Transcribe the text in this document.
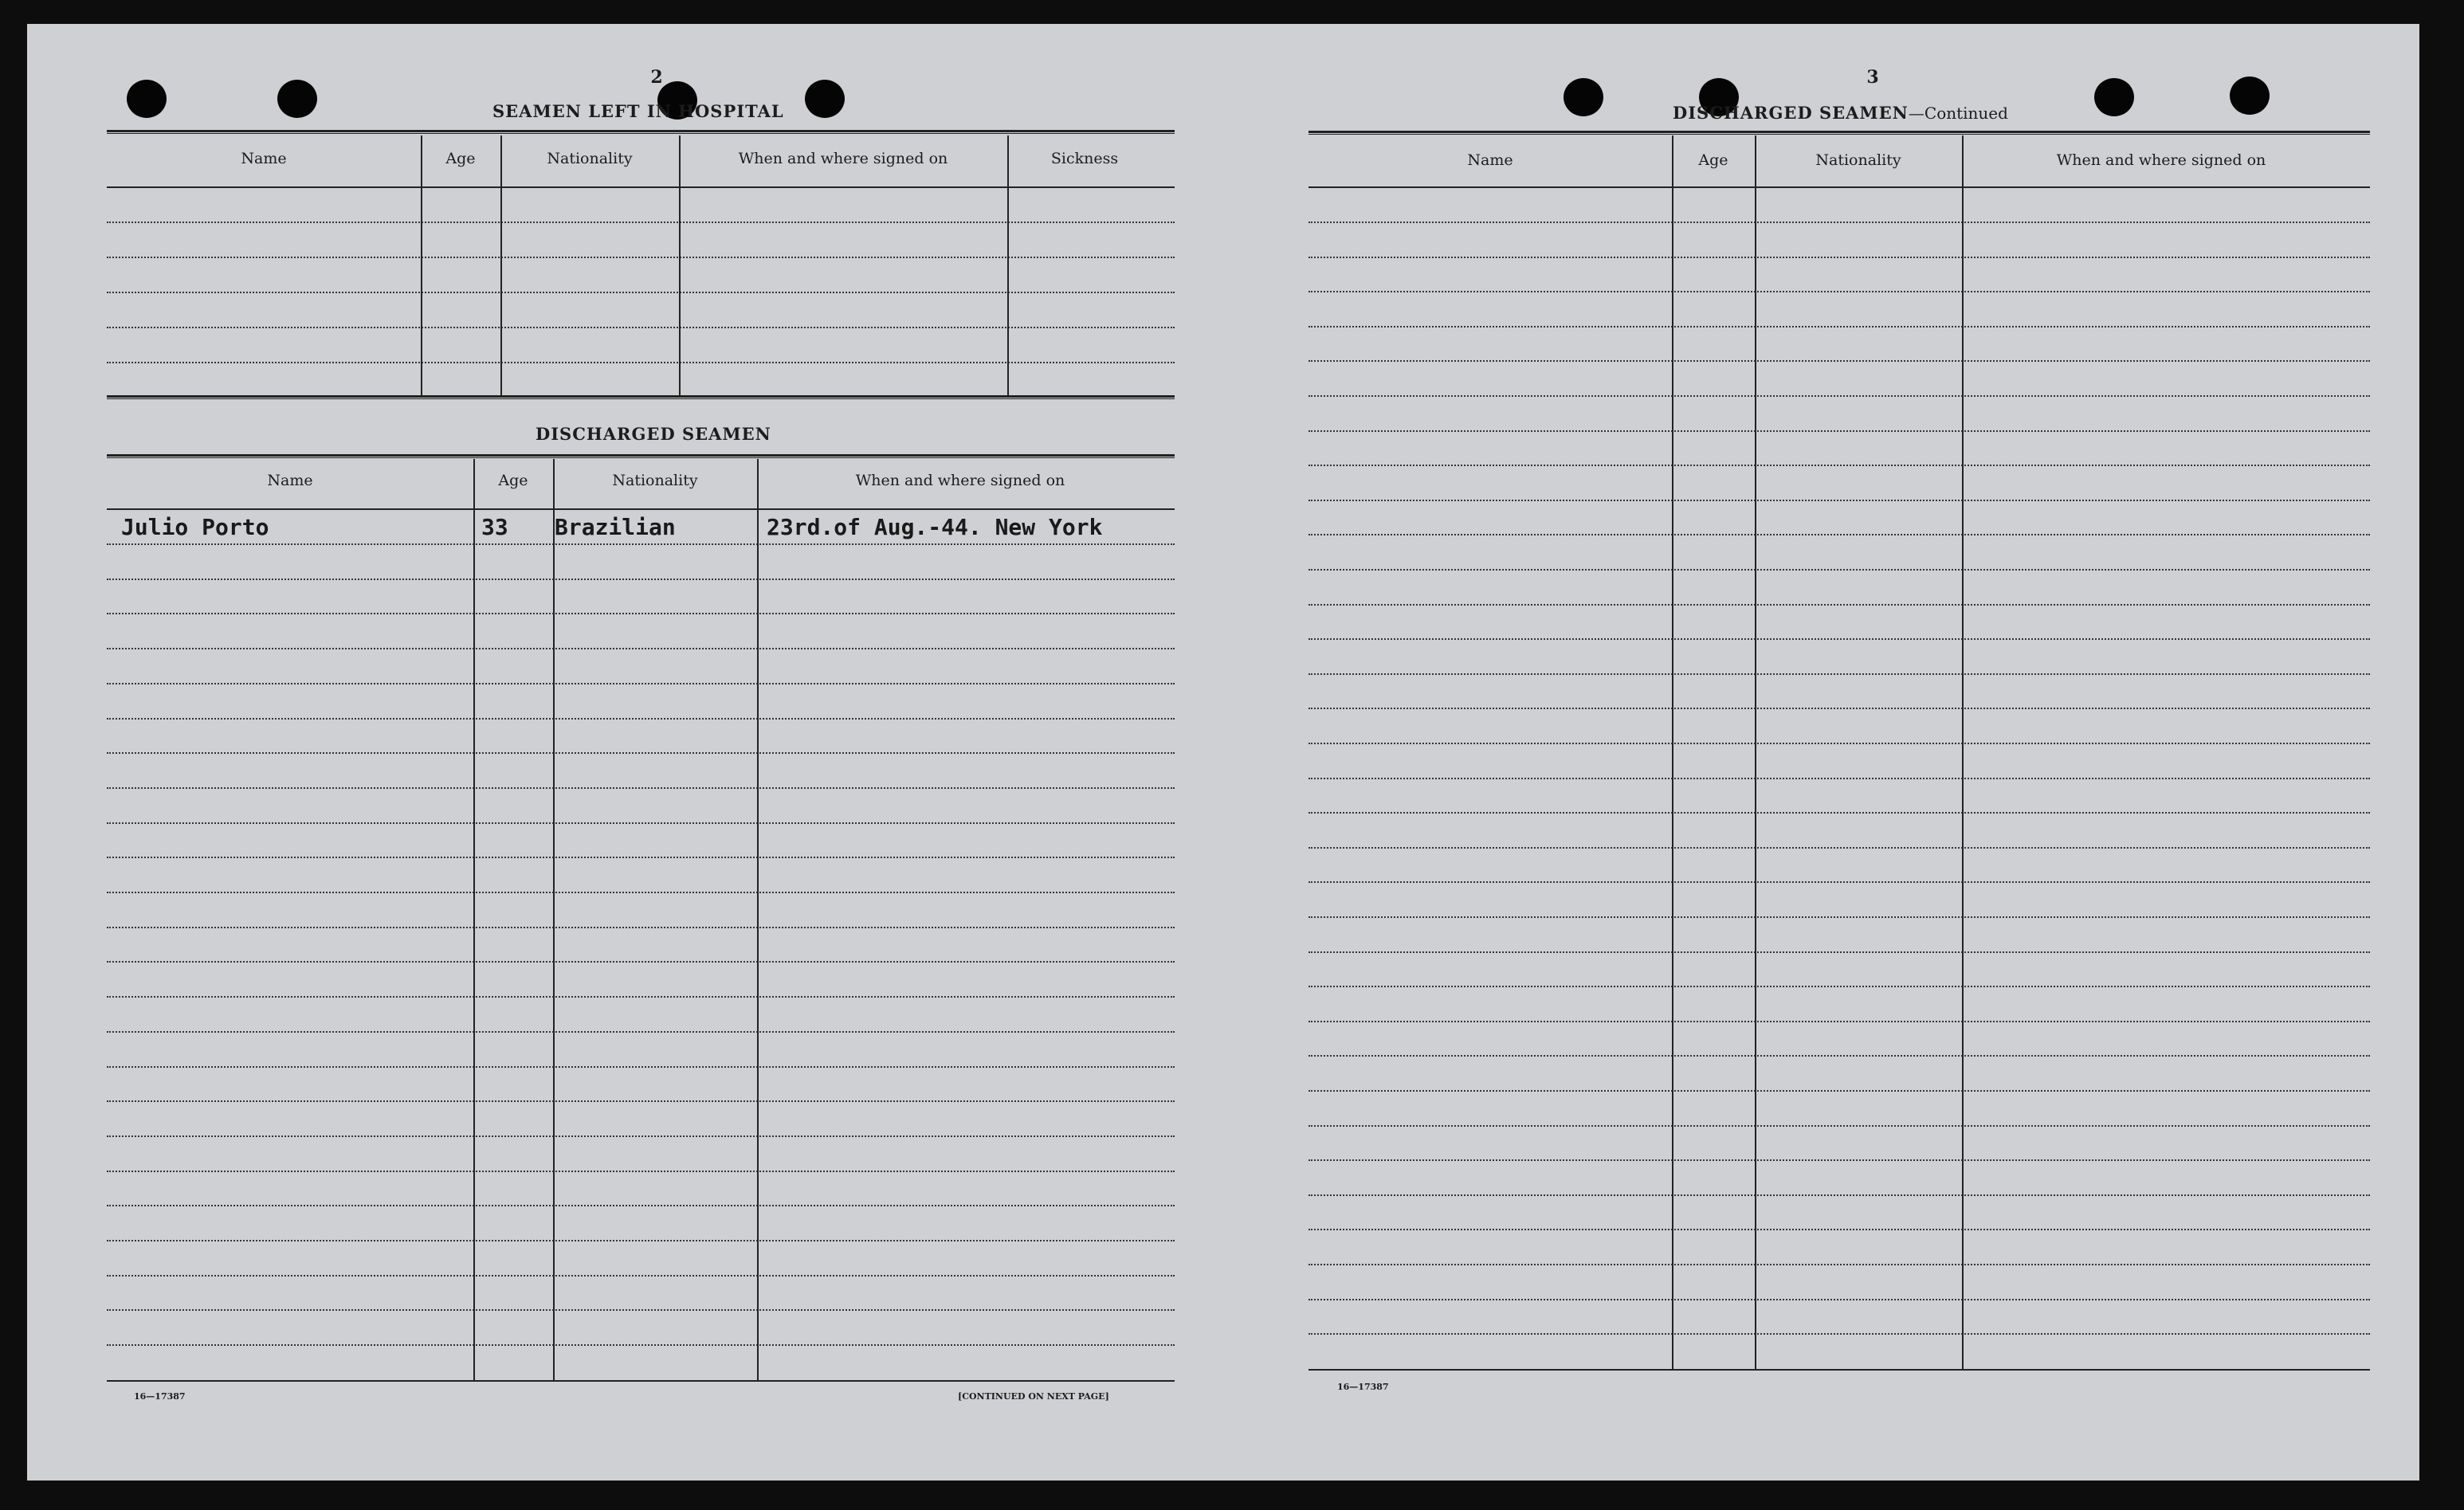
2
SEAMEN LEFT IN HOSPITAL
Name	Age	Nationality	When and where signed on	Sickness
DISCHARGED SEAMEN
Name	Age	Nationality	When and where signed on
Julio Porto	33 Brazilian	23rd.of Aug.-44. New York
16—17387	[CONTINUED ON NEXT PAGE]
3
DISCHARGED SEAMEN—Continued
Name	Age	Nationality	When and where signed on
16—17387
